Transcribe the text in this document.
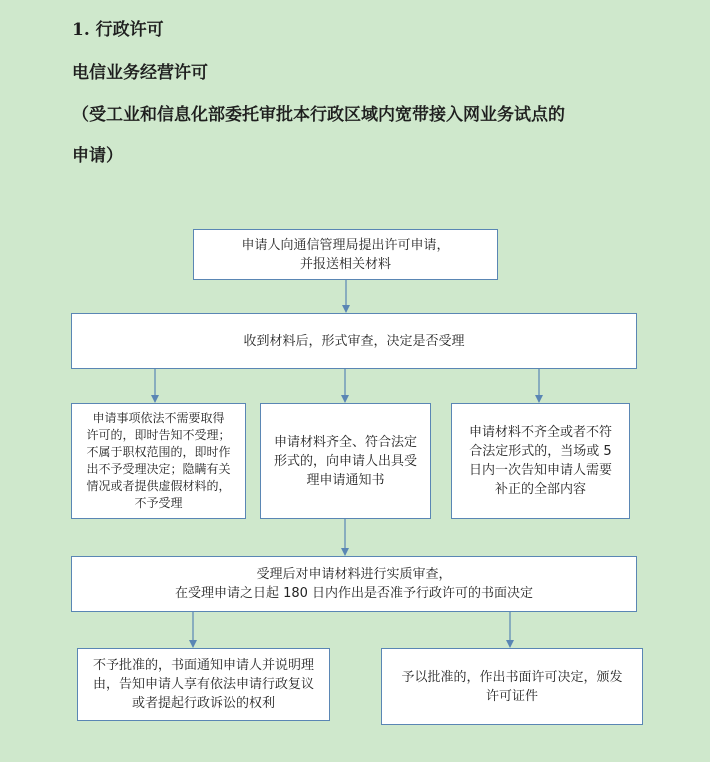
1. 行政许可
电信业务经营许可
（受工业和信息化部委托审批本行政区域内宽带接入网业务试点的
申请）
申请人向通信管理局提出许可申请，
并报送相关材料
收到材料后，形式审查，决定是否受理
申请事项依法不需要取得
许可的，即时告知不受理；
不属于职权范围的，即时作
出不予受理决定；隐瞒有关
情况或者提供虚假材料的，
不予受理
申请材料齐全、符合法定
形式的，向申请人出具受
理申请通知书
申请材料不齐全或者不符
合法定形式的，当场或 5
日内一次告知申请人需要
补正的全部内容
受理后对申请材料进行实质审查，
在受理申请之日起 180 日内作出是否准予行政许可的书面决定
不予批准的，书面通知申请人并说明理
由，告知申请人享有依法申请行政复议
或者提起行政诉讼的权利
予以批准的，作出书面许可决定，颁发
许可证件
